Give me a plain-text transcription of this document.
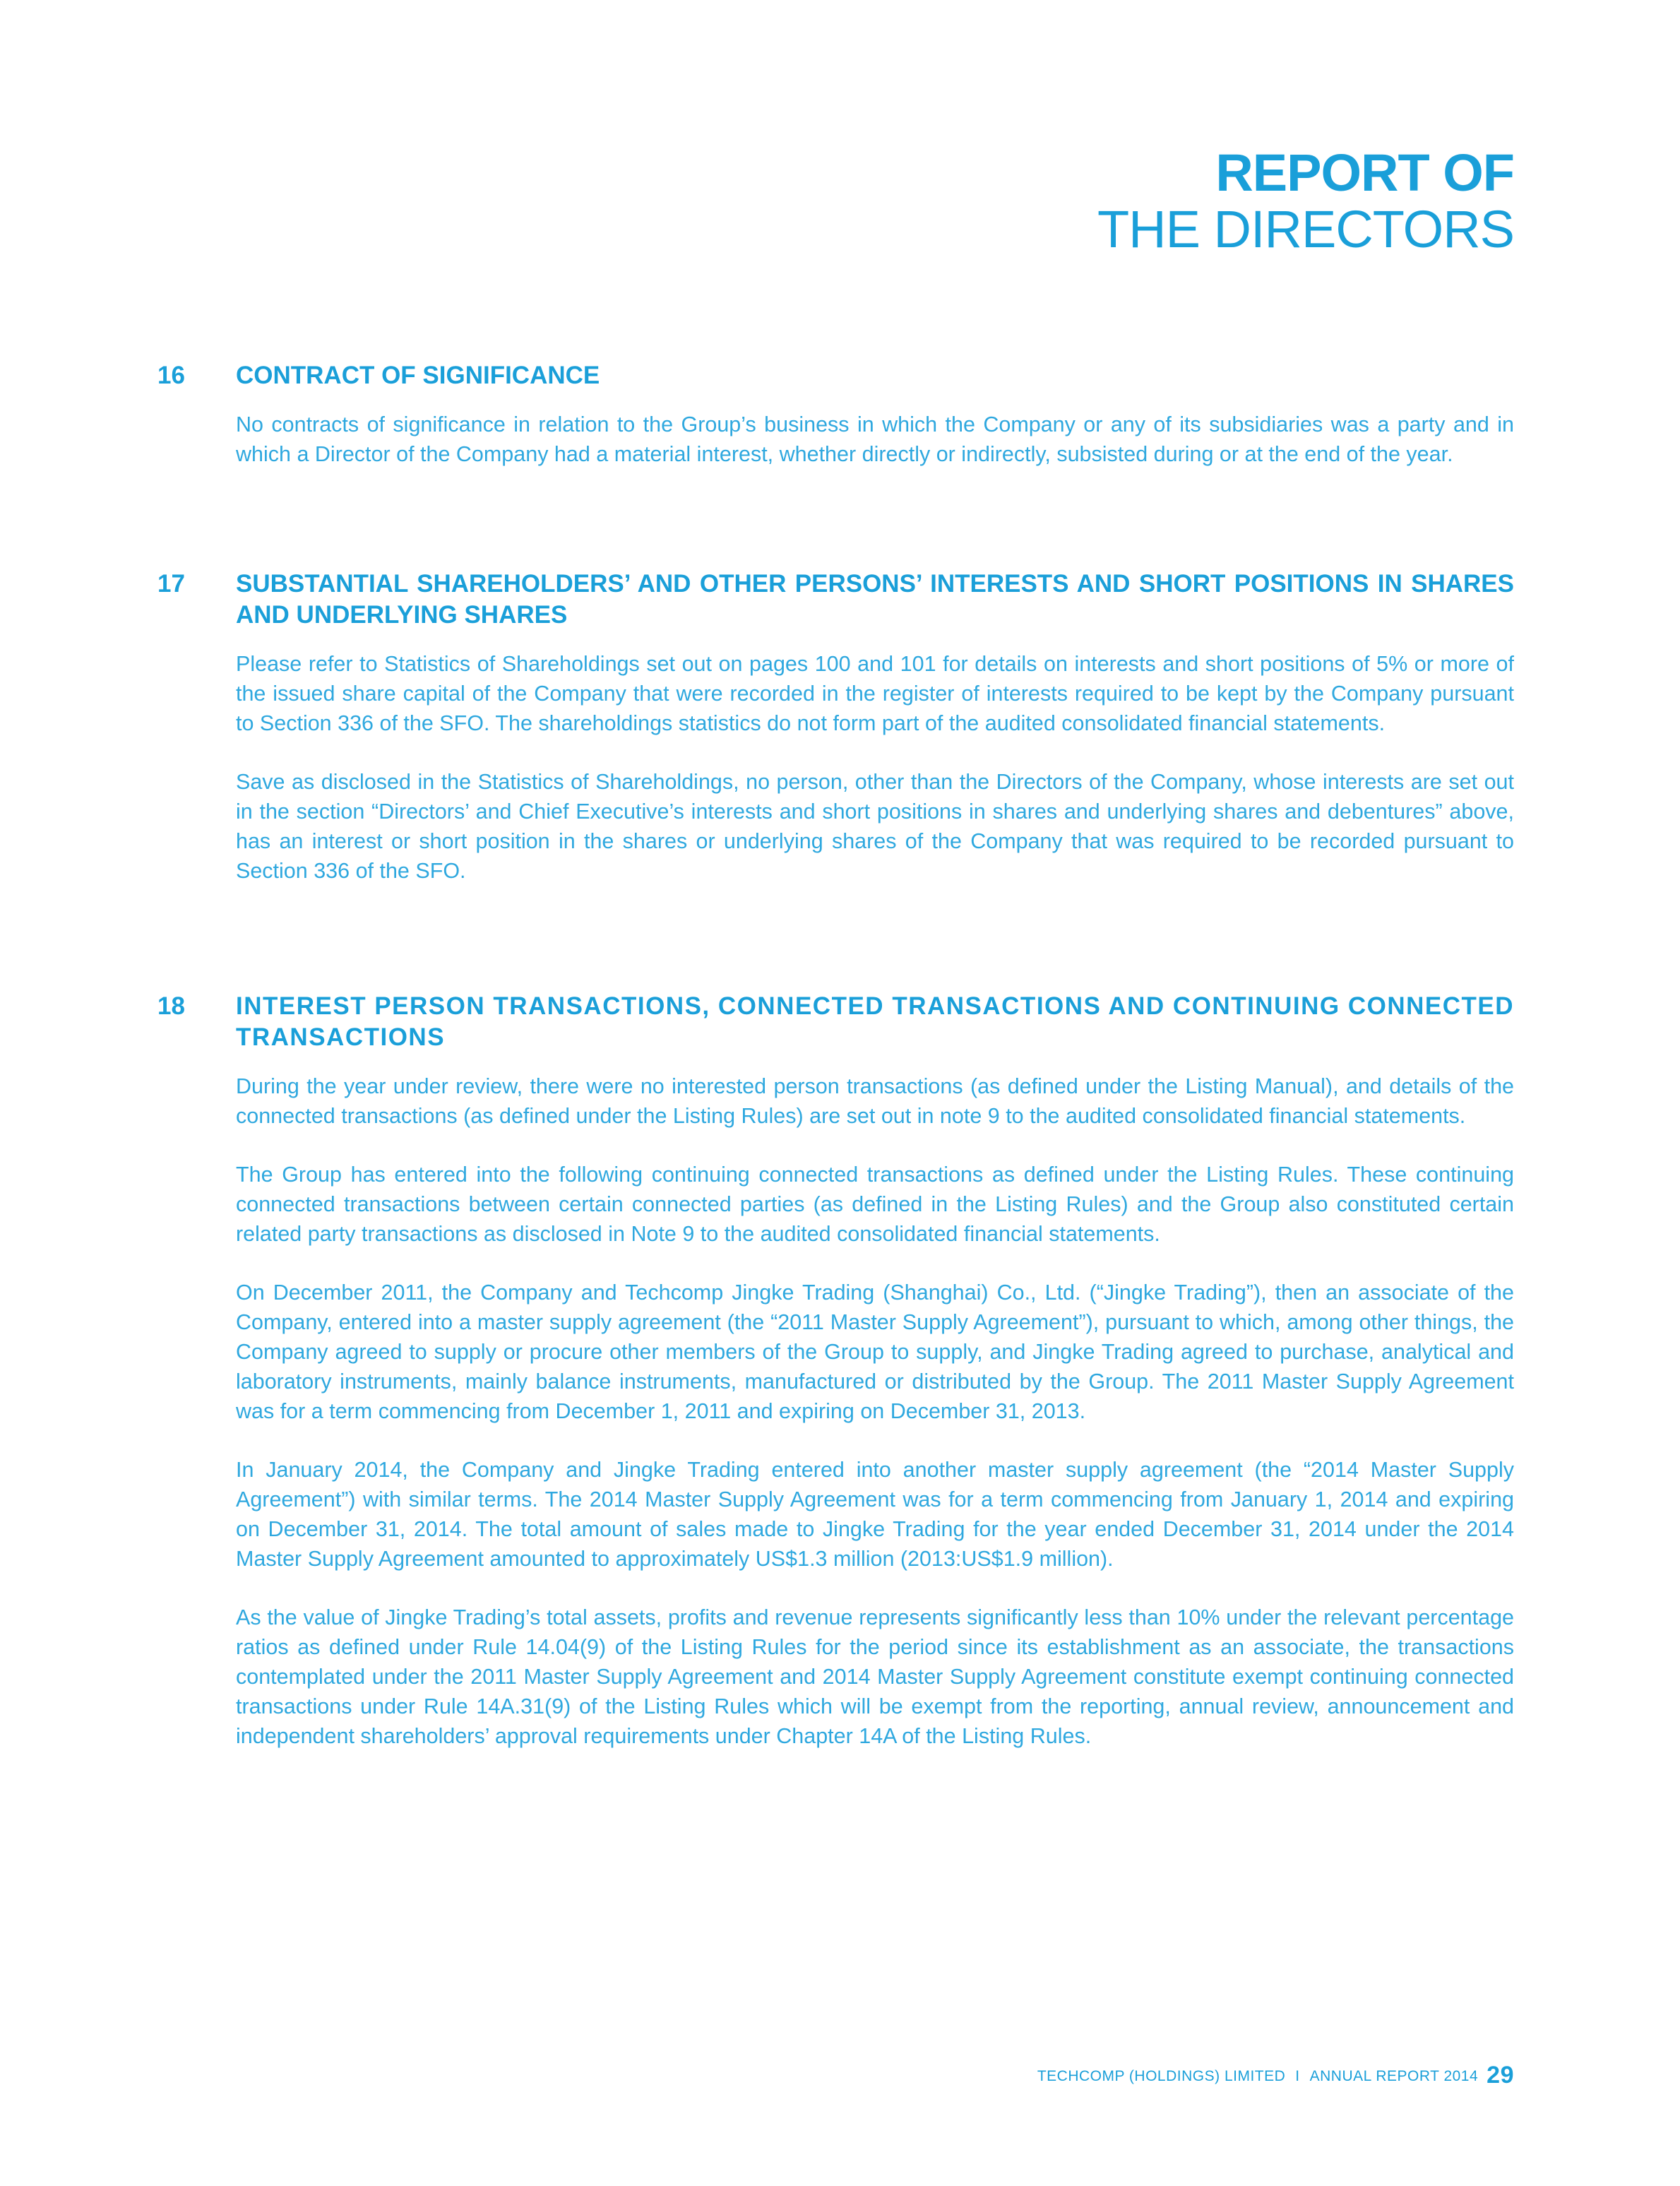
REPORT OF
THE DIRECTORS
16 CONTRACT OF SIGNIFICANCE

No contracts of significance in relation to the Group’s business in which the Company or any of its subsidiaries was a party and in which a Director of the Company had a material interest, whether directly or indirectly, subsisted during or at the end of the year.

17 SUBSTANTIAL SHAREHOLDERS’ AND OTHER PERSONS’ INTERESTS AND SHORT POSITIONS IN SHARES AND UNDERLYING SHARES

Please refer to Statistics of Shareholdings set out on pages 100 and 101 for details on interests and short positions of 5% or more of the issued share capital of the Company that were recorded in the register of interests required to be kept by the Company pursuant to Section 336 of the SFO. The shareholdings statistics do not form part of the audited consolidated financial statements.

Save as disclosed in the Statistics of Shareholdings, no person, other than the Directors of the Company, whose interests are set out in the section “Directors’ and Chief Executive’s interests and short positions in shares and underlying shares and debentures” above, has an interest or short position in the shares or underlying shares of the Company that was required to be recorded pursuant to Section 336 of the SFO.

18 INTEREST PERSON TRANSACTIONS, CONNECTED TRANSACTIONS AND CONTINUING CONNECTED TRANSACTIONS

During the year under review, there were no interested person transactions (as defined under the Listing Manual), and details of the connected transactions (as defined under the Listing Rules) are set out in note 9 to the audited consolidated financial statements.

The Group has entered into the following continuing connected transactions as defined under the Listing Rules. These continuing connected transactions between certain connected parties (as defined in the Listing Rules) and the Group also constituted certain related party transactions as disclosed in Note 9 to the audited consolidated financial statements.

On December 2011, the Company and Techcomp Jingke Trading (Shanghai) Co., Ltd. (“Jingke Trading”), then an associate of the Company, entered into a master supply agreement (the “2011 Master Supply Agreement”), pursuant to which, among other things, the Company agreed to supply or procure other members of the Group to supply, and Jingke Trading agreed to purchase, analytical and laboratory instruments, mainly balance instruments, manufactured or distributed by the Group. The 2011 Master Supply Agreement was for a term commencing from December 1, 2011 and expiring on December 31, 2013.

In January 2014, the Company and Jingke Trading entered into another master supply agreement (the “2014 Master Supply Agreement”) with similar terms. The 2014 Master Supply Agreement was for a term commencing from January 1, 2014 and expiring on December 31, 2014. The total amount of sales made to Jingke Trading for the year ended December 31, 2014 under the 2014 Master Supply Agreement amounted to approximately US$1.3 million (2013:US$1.9 million).

As the value of Jingke Trading’s total assets, profits and revenue represents significantly less than 10% under the relevant percentage ratios as defined under Rule 14.04(9) of the Listing Rules for the period since its establishment as an associate, the transactions contemplated under the 2011 Master Supply Agreement and 2014 Master Supply Agreement constitute exempt continuing connected transactions under Rule 14A.31(9) of the Listing Rules which will be exempt from the reporting, annual review, announcement and independent shareholders’ approval requirements under Chapter 14A of the Listing Rules.

TECHCOMP (HOLDINGS) LIMITED I ANNUAL REPORT 2014 29
